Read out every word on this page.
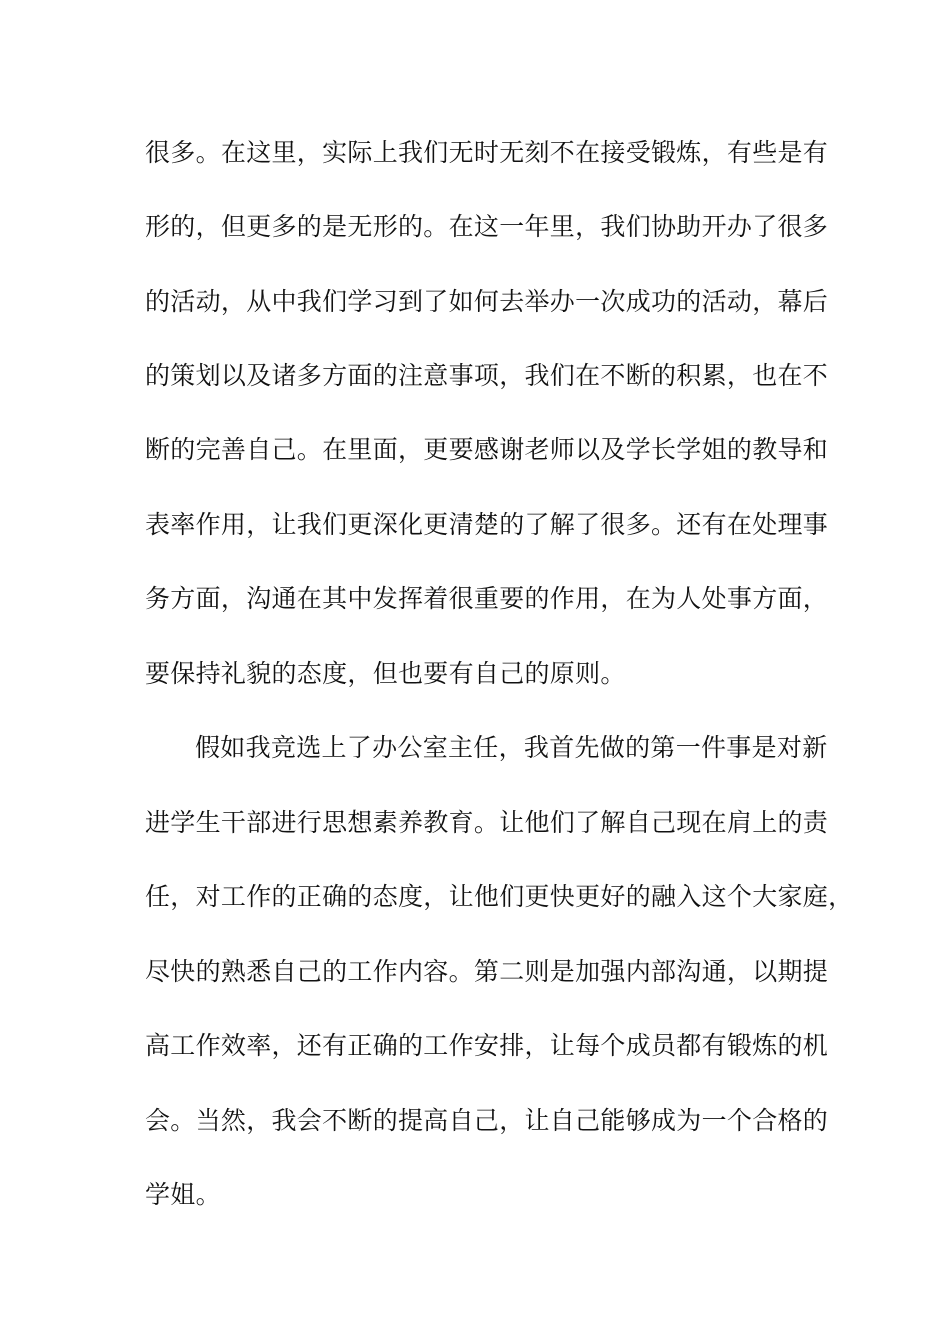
很多。在这里，实际上我们无时无刻不在接受锻炼，有些是有
形的，但更多的是无形的。在这一年里，我们协助开办了很多
的活动，从中我们学习到了如何去举办一次成功的活动，幕后
的策划以及诸多方面的注意事项，我们在不断的积累，也在不
断的完善自己。在里面，更要感谢老师以及学长学姐的教导和
表率作用，让我们更深化更清楚的了解了很多。还有在处理事
务方面，沟通在其中发挥着很重要的作用，在为人处事方面，
要保持礼貌的态度，但也要有自己的原则。
假如我竞选上了办公室主任，我首先做的第一件事是对新
进学生干部进行思想素养教育。让他们了解自己现在肩上的责
任，对工作的正确的态度，让他们更快更好的融入这个大家庭，
尽快的熟悉自己的工作内容。第二则是加强内部沟通，以期提
高工作效率，还有正确的工作安排，让每个成员都有锻炼的机
会。当然，我会不断的提高自己，让自己能够成为一个合格的
学姐。
